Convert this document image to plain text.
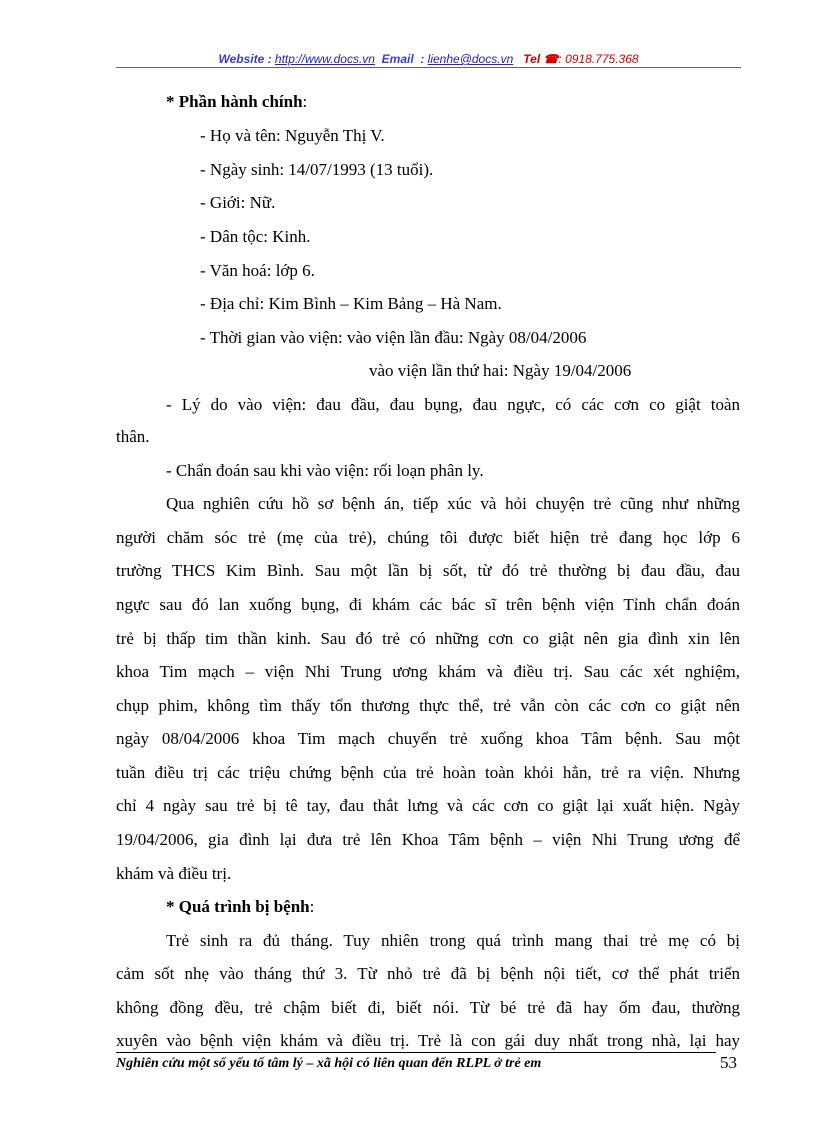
Website : http://www.docs.vn Email : lienhe@docs.vn Tel ☎: 0918.775.368
* Phần hành chính:
- Họ và tên: Nguyễn Thị V.
- Ngày sinh: 14/07/1993 (13 tuổi).
- Giới: Nữ.
- Dân tộc: Kinh.
- Văn hoá: lớp 6.
- Địa chỉ: Kim Bình – Kim Bảng – Hà Nam.
- Thời gian vào viện: vào viện lần đầu: Ngày 08/04/2006
vào viện lần thứ hai: Ngày 19/04/2006
- Lý do vào viện: đau đầu, đau bụng, đau ngực, có các cơn co giật toàn
thân.
- Chẩn đoán sau khi vào viện: rối loạn phân ly.
Qua nghiên cứu hồ sơ bệnh án, tiếp xúc và hỏi chuyện trẻ cũng như những
người chăm sóc trẻ (mẹ của trẻ), chúng tôi được biết hiện trẻ đang học lớp 6
trường THCS Kim Bình. Sau một lần bị sốt, từ đó trẻ thường bị đau đầu, đau
ngực sau đó lan xuống bụng, đi khám các bác sĩ trên bệnh viện Tỉnh chẩn đoán
trẻ bị thấp tim thần kinh. Sau đó trẻ có những cơn co giật nên gia đình xin lên
khoa Tim mạch – viện Nhi Trung ương khám và điều trị. Sau các xét nghiệm,
chụp phim, không tìm thấy tổn thương thực thể, trẻ vẫn còn các cơn co giật nên
ngày 08/04/2006 khoa Tim mạch chuyển trẻ xuống khoa Tâm bệnh. Sau một
tuần điều trị các triệu chứng bệnh của trẻ hoàn toàn khỏi hẳn, trẻ ra viện. Nhưng
chỉ 4 ngày sau trẻ bị tê tay, đau thắt lưng và các cơn co giật lại xuất hiện. Ngày
19/04/2006, gia đình lại đưa trẻ lên Khoa Tâm bệnh – viện Nhi Trung ương để
khám và điều trị.
* Quá trình bị bệnh:
Trẻ sinh ra đủ tháng. Tuy nhiên trong quá trình mang thai trẻ mẹ có bị
cảm sốt nhẹ vào tháng thứ 3. Từ nhỏ trẻ đã bị bệnh nội tiết, cơ thể phát triển
không đồng đều, trẻ chậm biết đi, biết nói. Từ bé trẻ đã hay ốm đau, thường
xuyên vào bệnh viện khám và điều trị. Trẻ là con gái duy nhất trong nhà, lại hay
Nghiên cứu một số yếu tố tâm lý – xã hội có liên quan đến RLPL ở trẻ em	53
